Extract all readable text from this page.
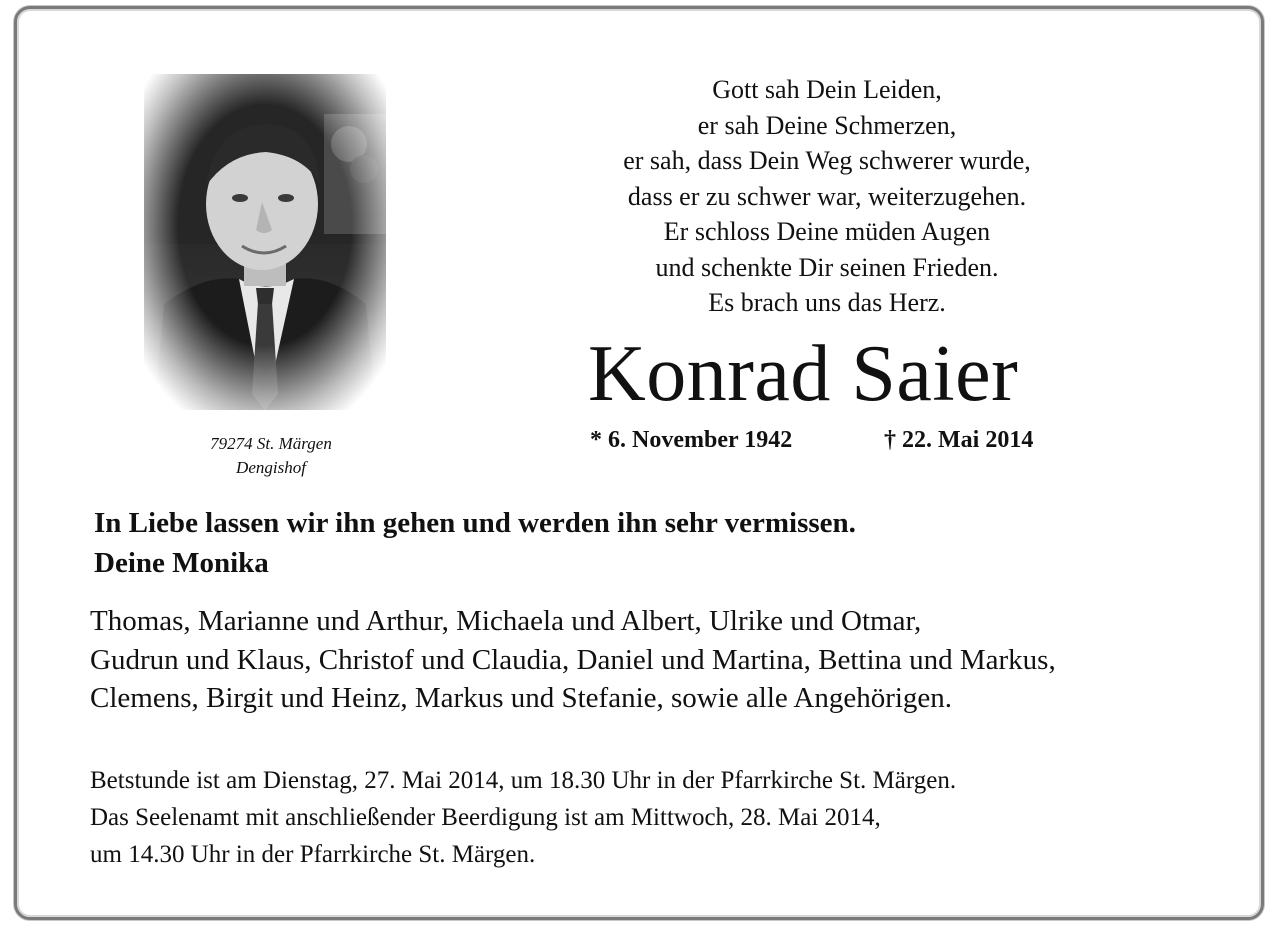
79274 St. Märgen
Dengishof
Gott sah Dein Leiden,
er sah Deine Schmerzen,
er sah, dass Dein Weg schwerer wurde,
dass er zu schwer war, weiterzugehen.
Er schloss Deine müden Augen
und schenkte Dir seinen Frieden.
Es brach uns das Herz.
Konrad Saier
* 6. November 1942	† 22. Mai 2014
In Liebe lassen wir ihn gehen und werden ihn sehr vermissen.
Deine Monika
Thomas, Marianne und Arthur, Michaela und Albert, Ulrike und Otmar,
Gudrun und Klaus, Christof und Claudia, Daniel und Martina, Bettina und Markus,
Clemens, Birgit und Heinz, Markus und Stefanie, sowie alle Angehörigen.
Betstunde ist am Dienstag, 27. Mai 2014, um 18.30 Uhr in der Pfarrkirche St. Märgen.
Das Seelenamt mit anschließender Beerdigung ist am Mittwoch, 28. Mai 2014,
um 14.30 Uhr in der Pfarrkirche St. Märgen.
